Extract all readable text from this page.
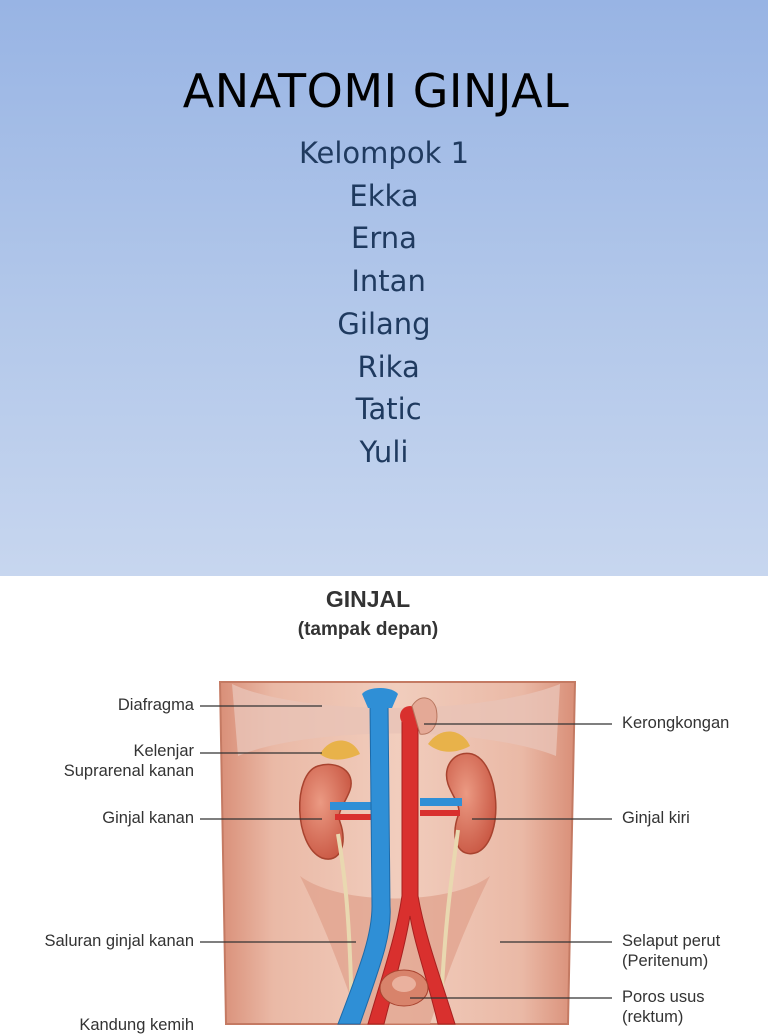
ANATOMI GINJAL
Kelompok 1
Ekka
Erna
Intan
Gilang
Rika
Tatic
Yuli
GINJAL
(tampak depan)
Diafragma
Kelenjar
Suprarenal kanan
Ginjal kanan
Saluran ginjal kanan
Kandung kemih
Kerongkongan
Ginjal kiri
Selaput perut
(Peritenum)
Poros usus
(rektum)
